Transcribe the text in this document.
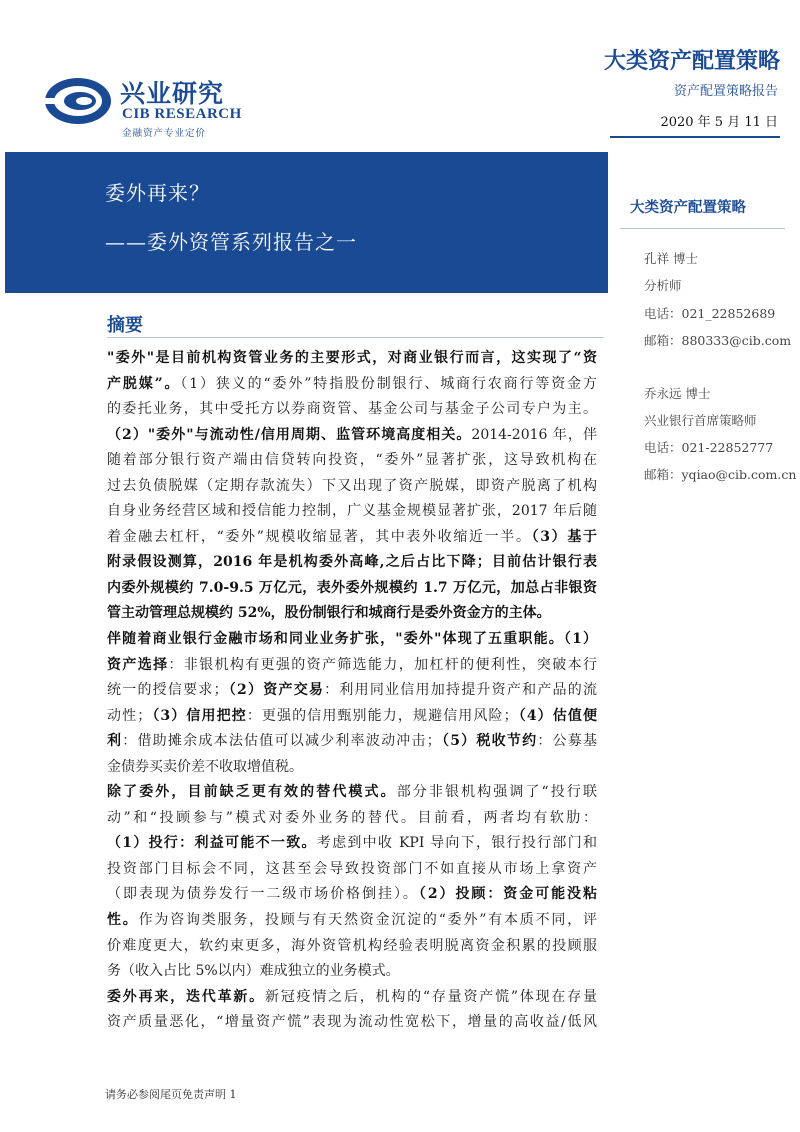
兴业研究
CIB RESEARCH
金融资产专业定价
大类资产配置策略
资产配置策略报告
2020 年 5 月 11 日
委外再来？
——委外资管系列报告之一
大类资产配置策略
孔祥 博士
分析师
电话：021_22852689
邮箱：880333@cib.com
乔永远 博士
兴业银行首席策略师
电话：021-22852777
邮箱：yqiao@cib.com.cn
摘要
"委外"是目前机构资管业务的主要形式，对商业银行而言，这实现了“资
产脱媒”。（1）狭义的“委外”特指股份制银行、城商行农商行等资金方
的委托业务，其中受托方以券商资管、基金公司与基金子公司专户为主。
（2）"委外"与流动性/信用周期、监管环境高度相关。2014-2016 年，伴
随着部分银行资产端由信贷转向投资，“委外”显著扩张，这导致机构在
过去负债脱媒（定期存款流失）下又出现了资产脱媒，即资产脱离了机构
自身业务经营区域和授信能力控制，广义基金规模显著扩张，2017 年后随
着金融去杠杆，“委外”规模收缩显著，其中表外收缩近一半。（3）基于
附录假设测算，2016 年是机构委外高峰,之后占比下降；目前估计银行表
内委外规模约 7.0-9.5 万亿元，表外委外规模约 1.7 万亿元，加总占非银资
管主动管理总规模约 52%，股份制银行和城商行是委外资金方的主体。
伴随着商业银行金融市场和同业业务扩张，"委外"体现了五重职能。（1）
资产选择：非银机构有更强的资产筛选能力，加杠杆的便利性，突破本行
统一的授信要求；（2）资产交易：利用同业信用加持提升资产和产品的流
动性；（3）信用把控：更强的信用甄别能力，规避信用风险；（4）估值便
利：借助摊余成本法估值可以减少利率波动冲击；（5）税收节约：公募基
金债券买卖价差不收取增值税。
除了委外，目前缺乏更有效的替代模式。部分非银机构强调了“投行联
动”和“投顾参与”模式对委外业务的替代。目前看，两者均有软肋：
（1）投行：利益可能不一致。考虑到中收 KPI 导向下，银行投行部门和
投资部门目标会不同，这甚至会导致投资部门不如直接从市场上拿资产
（即表现为债券发行一二级市场价格倒挂）。（2）投顾：资金可能没粘
性。作为咨询类服务，投顾与有天然资金沉淀的“委外”有本质不同，评
价难度更大，软约束更多，海外资管机构经验表明脱离资金积累的投顾服
务（收入占比 5%以内）难成独立的业务模式。
委外再来，迭代革新。新冠疫情之后，机构的“存量资产慌”体现在存量
资产质量恶化，“增量资产慌”表现为流动性宽松下，增量的高收益/低风
请务必参阅尾页免责声明 1
